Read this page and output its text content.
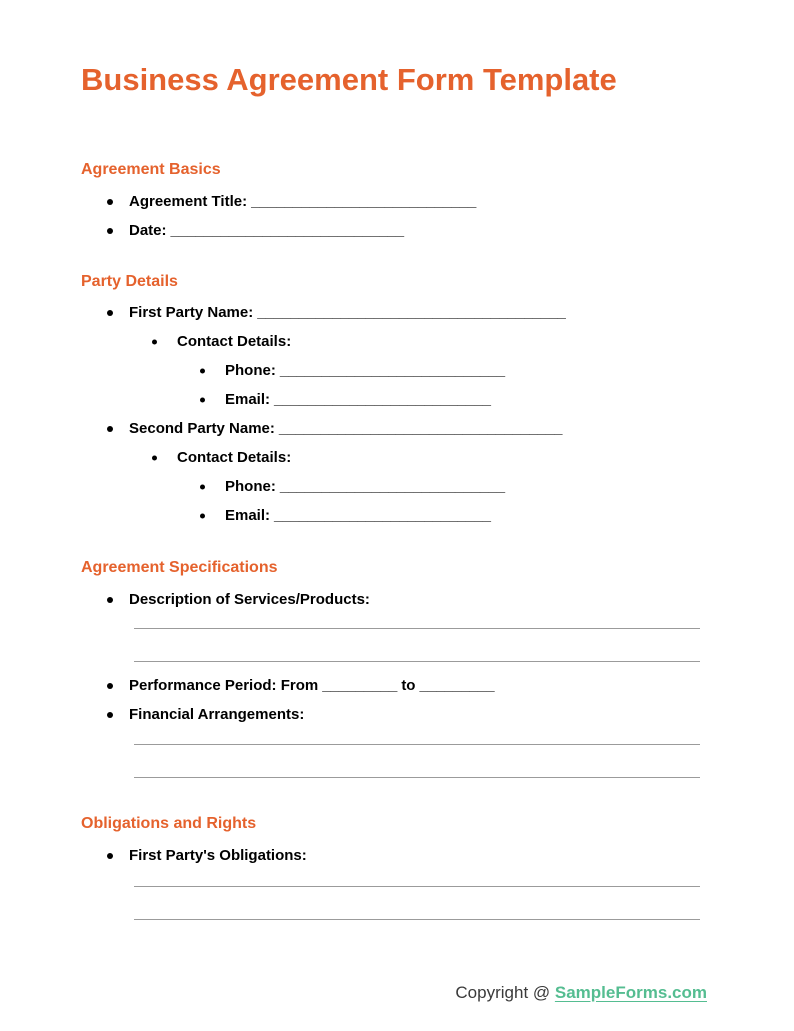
Business Agreement Form Template
Agreement Basics
Agreement Title: ___________________________
Date: ____________________________
Party Details
First Party Name: _____________________________________
Contact Details:
Phone: ___________________________
Email: __________________________
Second Party Name: __________________________________
Contact Details:
Phone: ___________________________
Email: __________________________
Agreement Specifications
Description of Services/Products:
Performance Period: From _________ to _________
Financial Arrangements:
Obligations and Rights
First Party's Obligations:
Copyright @ SampleForms.com
